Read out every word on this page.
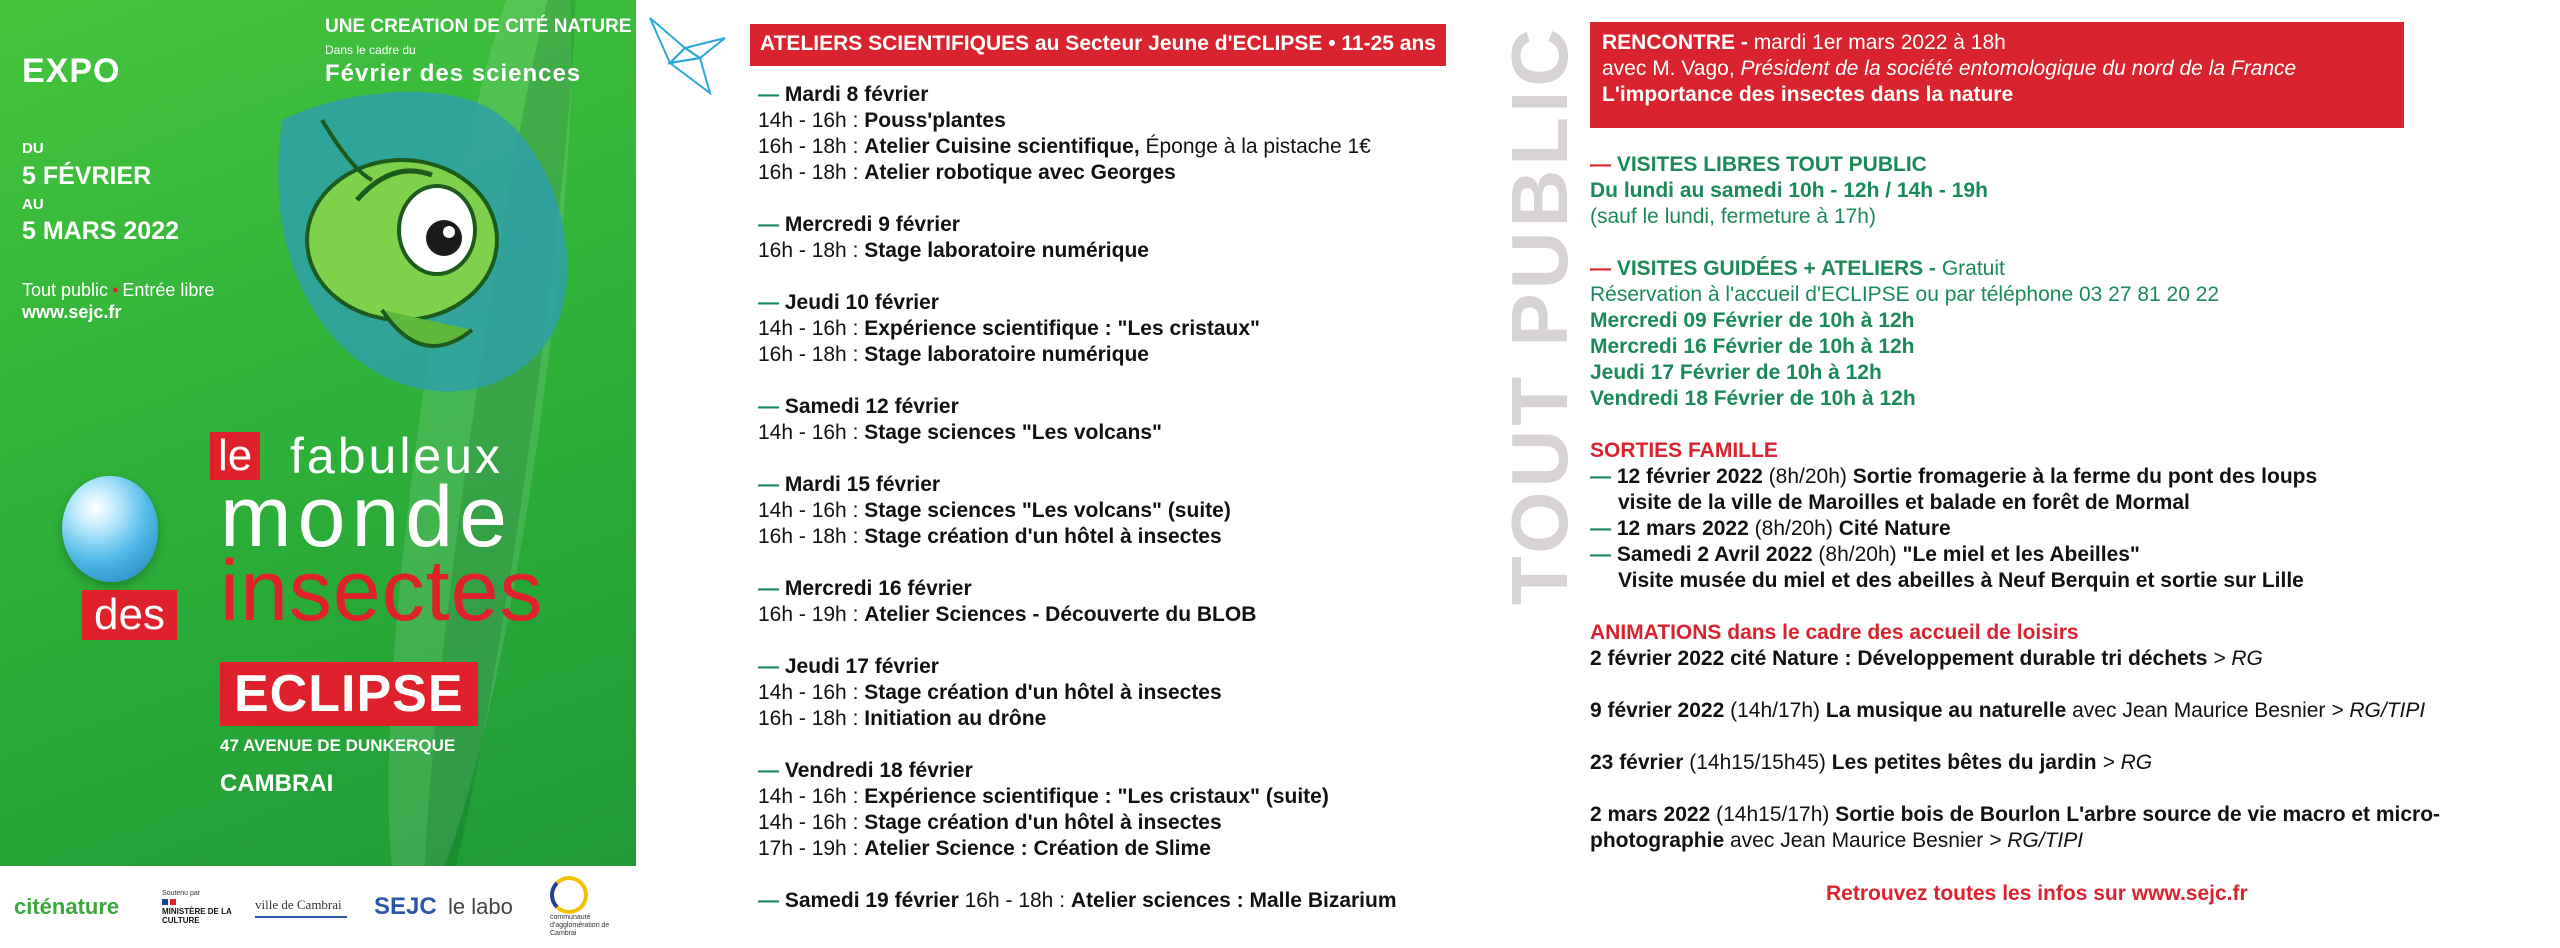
EXPO
DU
5 FÉVRIER
AU
5 MARS 2022
Tout public • Entrée libre
www.sejc.fr
UNE CREATION DE CITÉ NATURE
Dans le cadre du
Février des sciences
le fabuleux
monde
insectes
des
ECLIPSE
47 AVENUE DE DUNKERQUE
CAMBRAI
citénature
Soutenu par
MINISTÈRE DE LA CULTURE
ville de Cambrai SEJC le labo	communauté d'agglomération de Cambrai
ATELIERS SCIENTIFIQUES au Secteur Jeune d'ECLIPSE • 11-25 ans
— Mardi 8 février
14h - 16h : Pouss'plantes
16h - 18h : Atelier Cuisine scientifique, Éponge à la pistache 1€
16h - 18h : Atelier robotique avec Georges
— Mercredi 9 février
16h - 18h : Stage laboratoire numérique
— Jeudi 10 février
14h - 16h : Expérience scientifique : "Les cristaux"
16h - 18h : Stage laboratoire numérique
— Samedi 12 février
14h - 16h : Stage sciences "Les volcans"
— Mardi 15 février
14h - 16h : Stage sciences "Les volcans" (suite)
16h - 18h : Stage création d'un hôtel à insectes
— Mercredi 16 février
16h - 19h : Atelier Sciences - Découverte du BLOB
— Jeudi 17 février
14h - 16h : Stage création d'un hôtel à insectes
16h - 18h : Initiation au drône
— Vendredi 18 février
14h - 16h : Expérience scientifique : "Les cristaux" (suite)
14h - 16h : Stage création d'un hôtel à insectes
17h - 19h : Atelier Science : Création de Slime
— Samedi 19 février 16h - 18h : Atelier sciences : Malle Bizarium
TOUT PUBLIC RENCONTRE - mardi 1er mars 2022 à 18h
avec M. Vago, Président de la société entomologique du nord de la France
L'importance des insectes dans la nature
— VISITES LIBRES TOUT PUBLIC
Du lundi au samedi 10h - 12h / 14h - 19h
(sauf le lundi, fermeture à 17h)
— VISITES GUIDÉES + ATELIERS - Gratuit
Réservation à l'accueil d'ECLIPSE ou par téléphone 03 27 81 20 22
Mercredi 09 Février de 10h à 12h
Mercredi 16 Février de 10h à 12h
Jeudi 17 Février de 10h à 12h
Vendredi 18 Février de 10h à 12h
SORTIES FAMILLE
— 12 février 2022 (8h/20h) Sortie fromagerie à la ferme du pont des loups
visite de la ville de Maroilles et balade en forêt de Mormal
— 12 mars 2022 (8h/20h) Cité Nature
— Samedi 2 Avril 2022 (8h/20h) "Le miel et les Abeilles"
Visite musée du miel et des abeilles à Neuf Berquin et sortie sur Lille
ANIMATIONS dans le cadre des accueil de loisirs
2 février 2022 cité Nature : Développement durable tri déchets > RG
9 février 2022 (14h/17h) La musique au naturelle avec Jean Maurice Besnier > RG/TIPI
23 février (14h15/15h45) Les petites bêtes du jardin > RG
2 mars 2022 (14h15/17h) Sortie bois de Bourlon L'arbre source de vie macro et micro-
photographie avec Jean Maurice Besnier > RG/TIPI
Retrouvez toutes les infos sur www.sejc.fr
